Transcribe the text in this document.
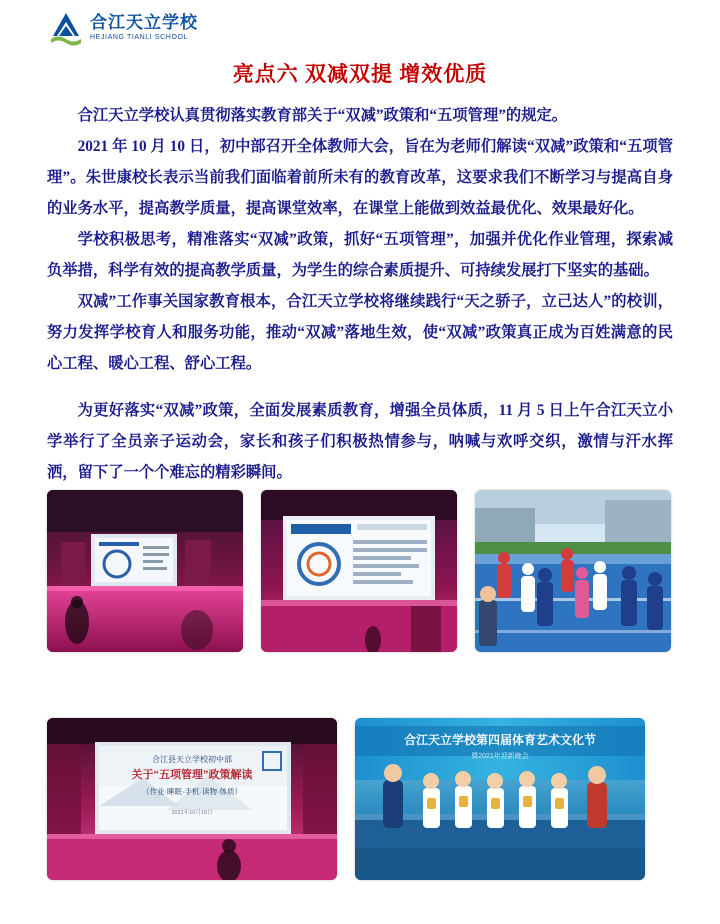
合江天立学校
HEJIANG TIANLI SCHOOL
亮点六 双减双提 增效优质

合江天立学校认真贯彻落实教育部关于“双减”政策和“五项管理”的规定。

2021 年 10 月 10 日，初中部召开全体教师大会，旨在为老师们解读“双减”政策和“五项管理”。朱世康校长表示当前我们面临着前所未有的教育改革，这要求我们不断学习与提高自身的业务水平，提高教学质量，提高课堂效率，在课堂上能做到效益最优化、效果最好化。

学校积极思考，精准落实“双减”政策，抓好“五项管理”，加强并优化作业管理，探索减负举措，科学有效的提高教学质量，为学生的综合素质提升、可持续发展打下坚实的基础。

双减”工作事关国家教育根本，合江天立学校将继续践行“天之骄子，立己达人”的校训，努力发挥学校育人和服务功能，推动“双减”落地生效，使“双减”政策真正成为百姓满意的民心工程、暖心工程、舒心工程。

为更好落实“双减”政策，全面发展素质教育，增强全员体质，11 月 5 日上午合江天立小学举行了全员亲子运动会，家长和孩子们积极热情参与，呐喊与欢呼交织，激情与汗水挥洒，留下了一个个难忘的精彩瞬间。

合江县天立学校初中部
关于“五项管理”政策解读
（作业·睡眠·手机·读物·体质）
2021年10月10日
合江天立学校第四届体育艺术文化节
暨2021年迎新晚会
